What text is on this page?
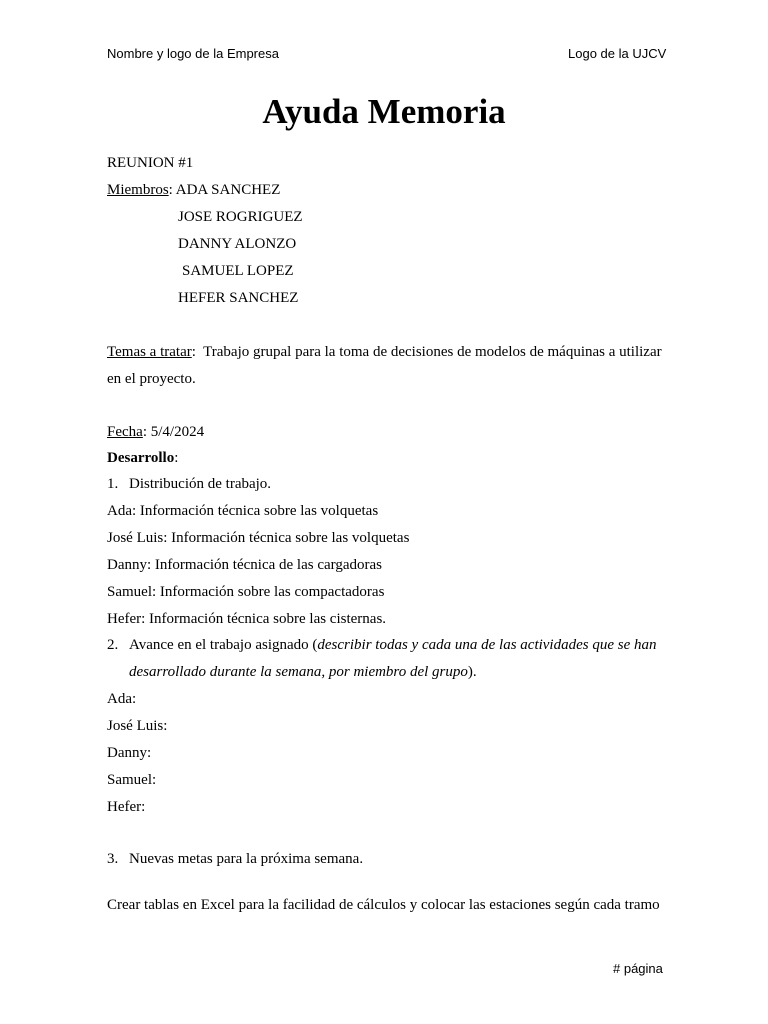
Nombre y logo de la Empresa	Logo de la UJCV
Ayuda Memoria
REUNION #1
Miembros: ADA SANCHEZ
JOSE ROGRIGUEZ
DANNY ALONZO
SAMUEL LOPEZ
HEFER SANCHEZ
Temas a tratar:  Trabajo grupal para la toma de decisiones de modelos de máquinas a utilizar
en el proyecto.
Fecha: 5/4/2024
Desarrollo:
1. Distribución de trabajo.
Ada: Información técnica sobre las volquetas
José Luis: Información técnica sobre las volquetas
Danny: Información técnica de las cargadoras
Samuel: Información sobre las compactadoras
Hefer: Información técnica sobre las cisternas.
2. Avance en el trabajo asignado (describir todas y cada una de las actividades que se han
desarrollado durante la semana, por miembro del grupo).
Ada:
José Luis:
Danny:
Samuel:
Hefer:
3. Nuevas metas para la próxima semana.
Crear tablas en Excel para la facilidad de cálculos y colocar las estaciones según cada tramo
# página
